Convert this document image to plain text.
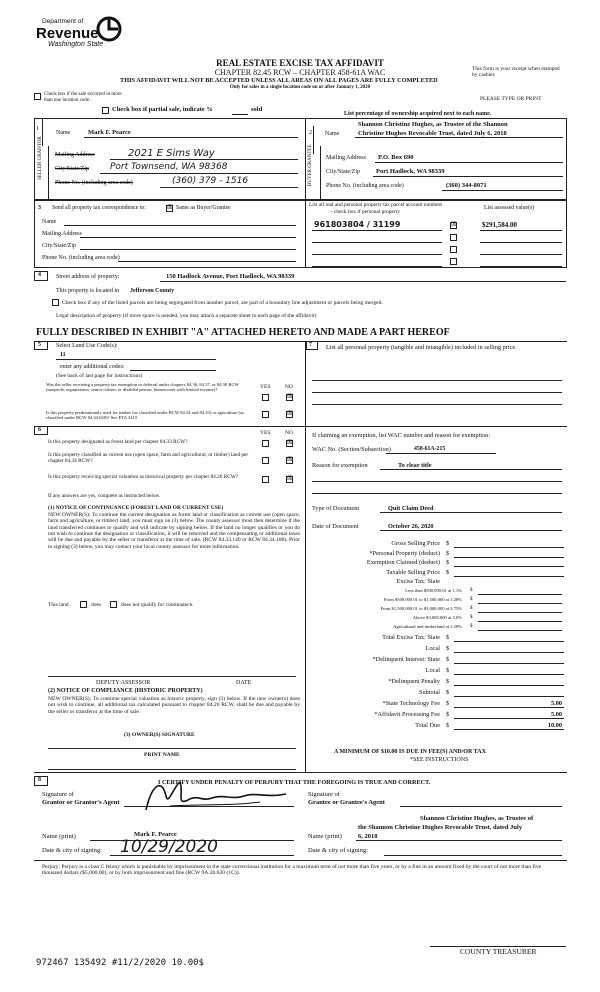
Department of
Revenue
Washington State
REAL ESTATE EXCISE TAX AFFIDAVIT
CHAPTER 82.45 RCW – CHAPTER 458-61A WAC
THIS AFFIDAVIT WILL NOT BE ACCEPTED UNLESS ALL AREAS ON ALL PAGES ARE FULLY COMPLETED
Only for sales in a single location code on or after January 1, 2020
This form is your receipt when stamped by cashier.
PLEASE TYPE OR PRINT
Check box if the sale occurred in more than one location code.
Check box if partial sale, indicate %	sold
List percentage of ownership acquired next to each name.
1
Name	Mark F. Pearce
SELLER GRANTOR Mailing Address	2021 E Sims Way
City/State/Zip Port Townsend, WA 98368
Phone No. (including area code)	(360) 379 - 1516
2 Name
Shannon Christine Hughes, as Trustee of the Shannon
Christine Hughes Revocable Trust, dated July 6, 2018
BUYER GRANTEE Mailing Address P.O. Box 690
City/State/Zip Port Hadlock, WA 98339
Phone No. (including area code)	(360) 344-8071
3 Send all property tax correspondence to:	☒ Same as Buyer/Grantee
Name
Mailing Address
City/State/Zip
Phone No. (including area code)
List all real and personal property tax parcel account numbers
– check box if personal property
List assessed value(s)
961803804 / 31199	☒	$291,584.00
4	Street address of property:	150 Hadlock Avenue, Port Hadlock, WA 98339
This property is located in Jefferson County
Check box if any of the listed parcels are being segregated from another parcel, are part of a boundary line adjustment or parcels being merged.
Legal description of property (if more space is needed, you may attach a separate sheet to each page of the affidavit)
FULLY DESCRIBED IN EXHIBIT "A" ATTACHED HERETO AND MADE A PART HEREOF
5	Select Land Use Code(s):
11
enter any additional codes:
(See back of last page for instructions)
YES	NO
Was the seller receiving a property tax exemption or deferral under chapters 84.36, 84.37, or 84.38 RCW (nonprofit organization, senior citizen, or disabled person, homeowner with limited income)?
☒
Is this property predominantly used for timber (as classified under RCW 84.34 and 84.33) or agriculture (as classified under RCW 84.34.020)? See ETA 3215
☒
6	YES	NO
Is this property designated as forest land per chapter 84.33 RCW?	☒
Is this property classified as current use (open space, farm and agricultural, or timber) land per chapter 84.34 RCW?	☒
Is this property receiving special valuation as historical property per chapter 84.26 RCW?	☒
If any answers are yes, complete as instructed below.
(1) NOTICE OF CONTINUANCE (FOREST LAND OR CURRENT USE)
NEW OWNER(S): To continue the current designation as forest land or classification as current use (open space, farm and agriculture, or timber) land, you must sign on (3) below. The county assessor must then determine if the land transferred continues to qualify and will indicate by signing below. If the land no longer qualifies or you do not wish to continue the designation or classification, it will be removed and the compensating or additional taxes will be due and payable by the seller or transferor at the time of sale. (RCW 84.33.140 or RCW 84.34.108). Prior to signing (3) below, you may contact your local county assessor for more information.
This land	does	does not qualify for continuance.
DEPUTY ASSESSOR	DATE
(2) NOTICE OF COMPLIANCE (HISTORIC PROPERTY)
NEW OWNER(S): To continue special valuation as historic property, sign (3) below. If the new owner(s) does not wish to continue, all additional tax calculated pursuant to chapter 84.26 RCW, shall be due and payable by the seller or transferor at the time of sale.
(3) OWNER(S) SIGNATURE
PRINT NAME
7 List all personal property (tangible and intangible) included in selling price.
If claiming an exemption, list WAC number and reason for exemption:
WAC No. (Section/Subsection)	458-61A-215
Reason for exemption	To clear title
Type of Document	Quit Claim Deed
Date of Document	October 26, 2020
Gross Selling Price $
*Personal Property (deduct) $
Exemption Claimed (deduct) $
Taxable Selling Price $
Excise Tax: State
Less than $500,000.01 at 1.1% $
From $500,000.01 to $1,500,000 at 1.28% $
From $1,500,000.01 to $3,000,000 at 2.75% $
Above $3,000,000 at 3.0% $
Agricultural and timberland at 1.28% $
Total Excise Tax: State $
Local $
*Delinquent Interest: State $
Local $
*Delinquent Penalty $
Subtotal $
*State Technology Fee $	5.00
*Affidavit Processing Fee $	5.00
Total Due $	10.00
A MINIMUM OF $10.00 IS DUE IN FEE(S) AND/OR TAX
*SEE INSTRUCTIONS
8	I CERTIFY UNDER PENALTY OF PERJURY THAT THE FOREGOING IS TRUE AND CORRECT.
Signature of
Grantor or Grantor's Agent
Signature of
Grantee or Grantee's Agent
Shannon Christine Hughes, as Trustee of
the Shannon Christine Hughes Revocable Trust, dated July
6, 2018
Name (print)	Mark F. Pearce	Name (print)
Date & city of signing: 10/29/2020	Date & city of signing:
Perjury: Perjury is a class C felony which is punishable by imprisonment in the state correctional institution for a maximum term of not more than five years, or by a fine in an amount fixed by the court of not more than five thousand dollars ($5,000.00), or by both imprisonment and fine (RCW 9A.20.020 (1C)).
COUNTY TREASURER
972467 135492 #11/2/2020 10.00$
